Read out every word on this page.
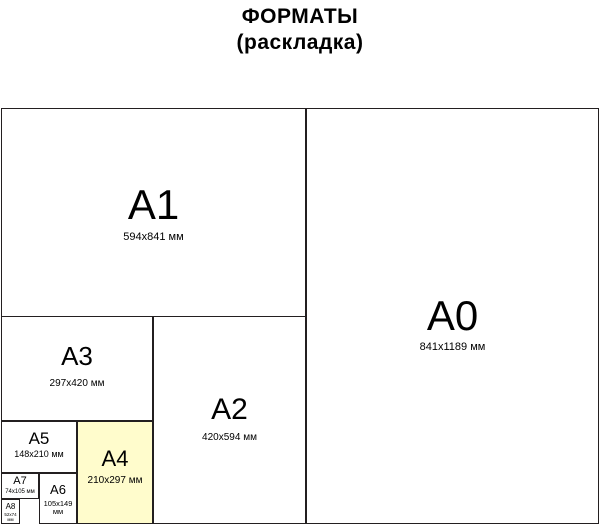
ФОРМАТЫ
(раскладка)
A0
841x1189 мм
A1
594x841 мм
A2
420x594 мм
A3
297x420 мм
A5
148x210 мм
A7
74x105 мм
A8
52x74 мм
A6
105x149 мм
A4
210x297 мм
